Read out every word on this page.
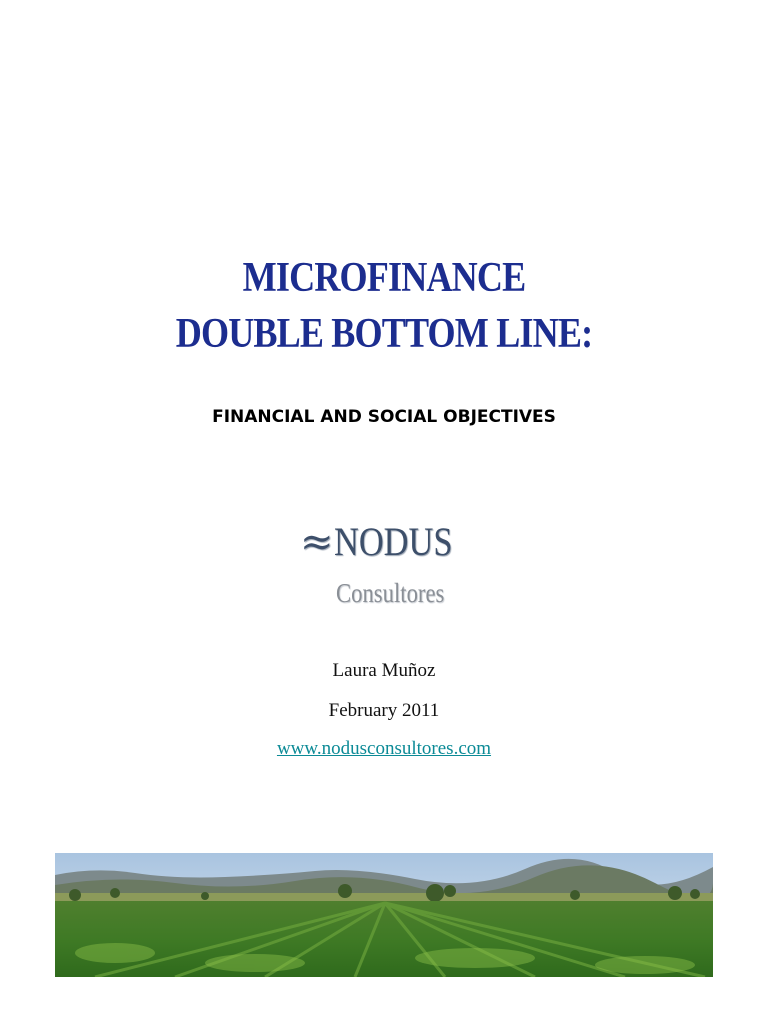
MICROFINANCE
DOUBLE BOTTOM LINE:
FINANCIAL AND SOCIAL OBJECTIVES
≈ NODUS
Consultores
Laura Muñoz
February 2011
www.nodusconsultores.com
